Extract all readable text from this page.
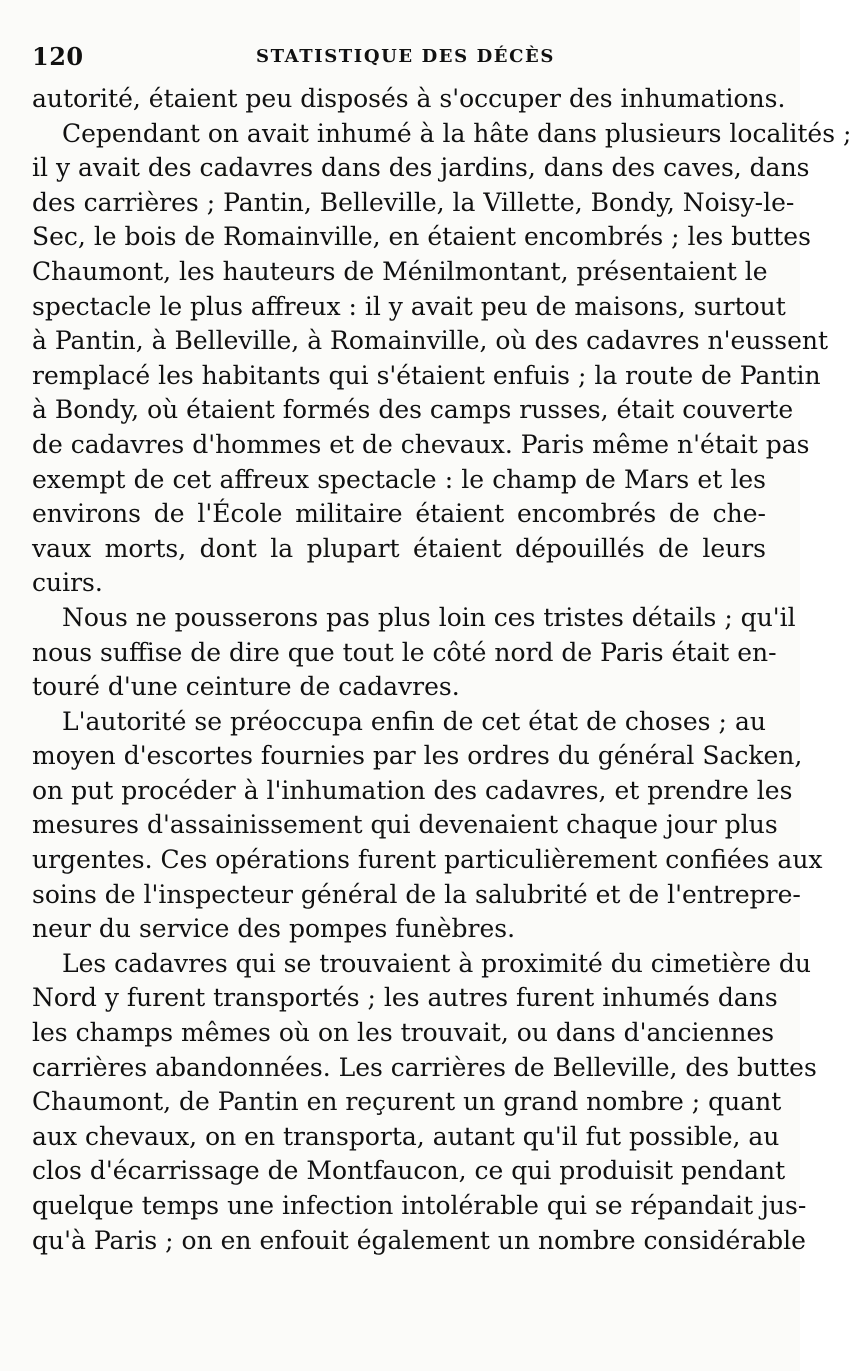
120	STATISTIQUE DES DÉCÈS
autorité, étaient peu disposés à s'occuper des inhumations.
Cependant on avait inhumé à la hâte dans plusieurs localités ;
il y avait des cadavres dans des jardins, dans des caves, dans
des carrières ; Pantin, Belleville, la Villette, Bondy, Noisy-le-
Sec, le bois de Romainville, en étaient encombrés ; les buttes
Chaumont, les hauteurs de Ménilmontant, présentaient le
spectacle le plus affreux : il y avait peu de maisons, surtout
à Pantin, à Belleville, à Romainville, où des cadavres n'eussent
remplacé les habitants qui s'étaient enfuis ; la route de Pantin
à Bondy, où étaient formés des camps russes, était couverte
de cadavres d'hommes et de chevaux. Paris même n'était pas
exempt de cet affreux spectacle : le champ de Mars et les
environs de l'École militaire étaient encombrés de che-
vaux morts, dont la plupart étaient dépouillés de leurs
cuirs.
Nous ne pousserons pas plus loin ces tristes détails ; qu'il
nous suffise de dire que tout le côté nord de Paris était en-
touré d'une ceinture de cadavres.
L'autorité se préoccupa enfin de cet état de choses ; au
moyen d'escortes fournies par les ordres du général Sacken,
on put procéder à l'inhumation des cadavres, et prendre les
mesures d'assainissement qui devenaient chaque jour plus
urgentes. Ces opérations furent particulièrement confiées aux
soins de l'inspecteur général de la salubrité et de l'entrepre-
neur du service des pompes funèbres.
Les cadavres qui se trouvaient à proximité du cimetière du
Nord y furent transportés ; les autres furent inhumés dans
les champs mêmes où on les trouvait, ou dans d'anciennes
carrières abandonnées. Les carrières de Belleville, des buttes
Chaumont, de Pantin en reçurent un grand nombre ; quant
aux chevaux, on en transporta, autant qu'il fut possible, au
clos d'écarrissage de Montfaucon, ce qui produisit pendant
quelque temps une infection intolérable qui se répandait jus-
qu'à Paris ; on en enfouit également un nombre considérable
